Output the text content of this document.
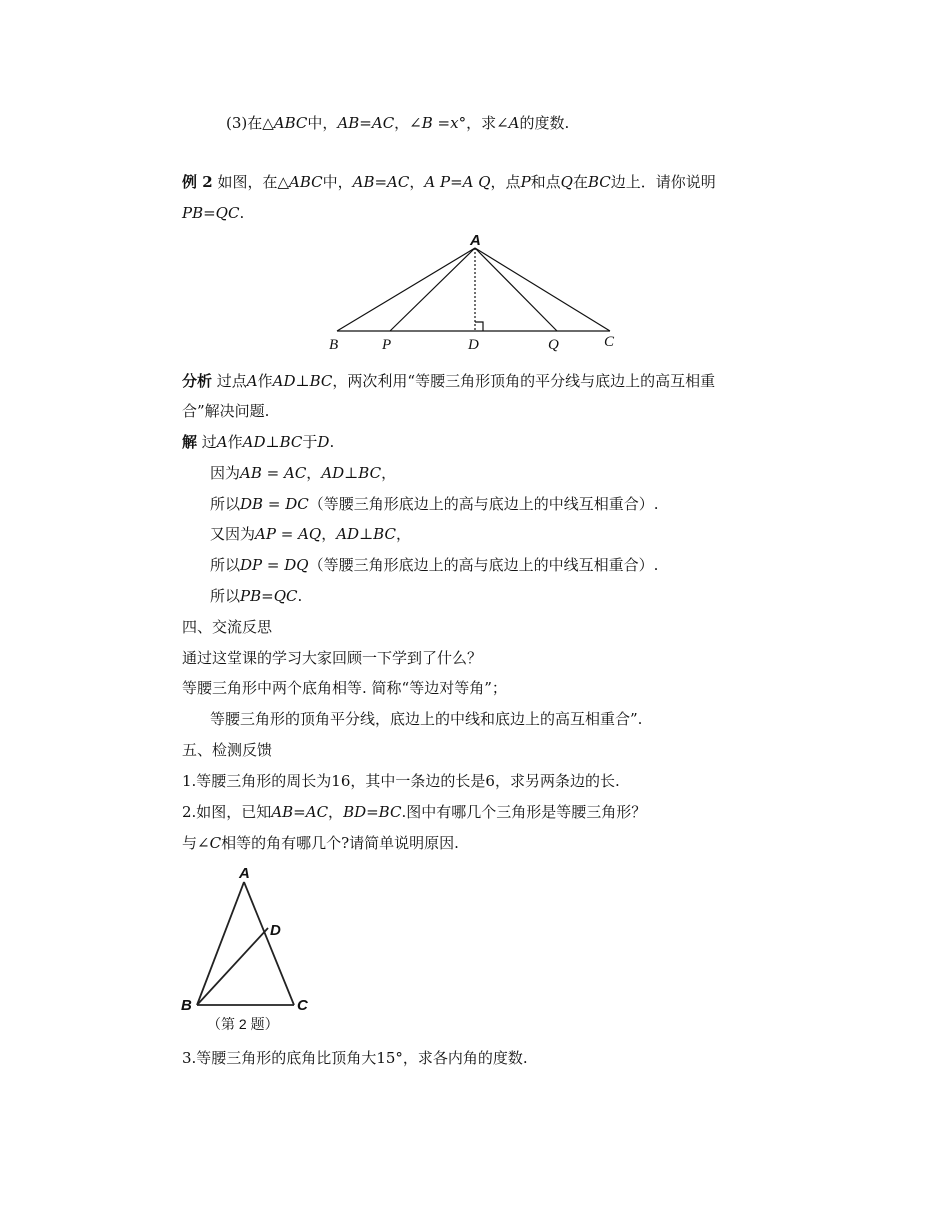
(3)在△ABC中，AB=AC，∠B =x°，求∠A的度数.
例 2 如图，在△ABC中，AB=AC，A P=A Q，点P和点Q在BC边上．请你说明
PB=QC.
A
B	P	D	Q	C
分析 过点A作AD⊥BC，两次利用“等腰三角形顶角的平分线与底边上的高互相重
合”解决问题.
解 过A作AD⊥BC于D.
因为AB = AC，AD⊥BC，
所以DB = DC（等腰三角形底边上的高与底边上的中线互相重合）.
又因为AP = AQ，AD⊥BC，
所以DP = DQ（等腰三角形底边上的高与底边上的中线互相重合）.
所以PB=QC.
四、交流反思
通过这堂课的学习大家回顾一下学到了什么？
等腰三角形中两个底角相等. 简称“等边对等角”；
等腰三角形的顶角平分线，底边上的中线和底边上的高互相重合”.
五、检测反馈
1.等腰三角形的周长为16，其中一条边的长是6，求另两条边的长.
2.如图，已知AB=AC，BD=BC.图中有哪几个三角形是等腰三角形？
与∠C相等的角有哪几个?请简单说明原因.
A
B	C
D
（第 2 题）
3.等腰三角形的底角比顶角大15°，求各内角的度数.
